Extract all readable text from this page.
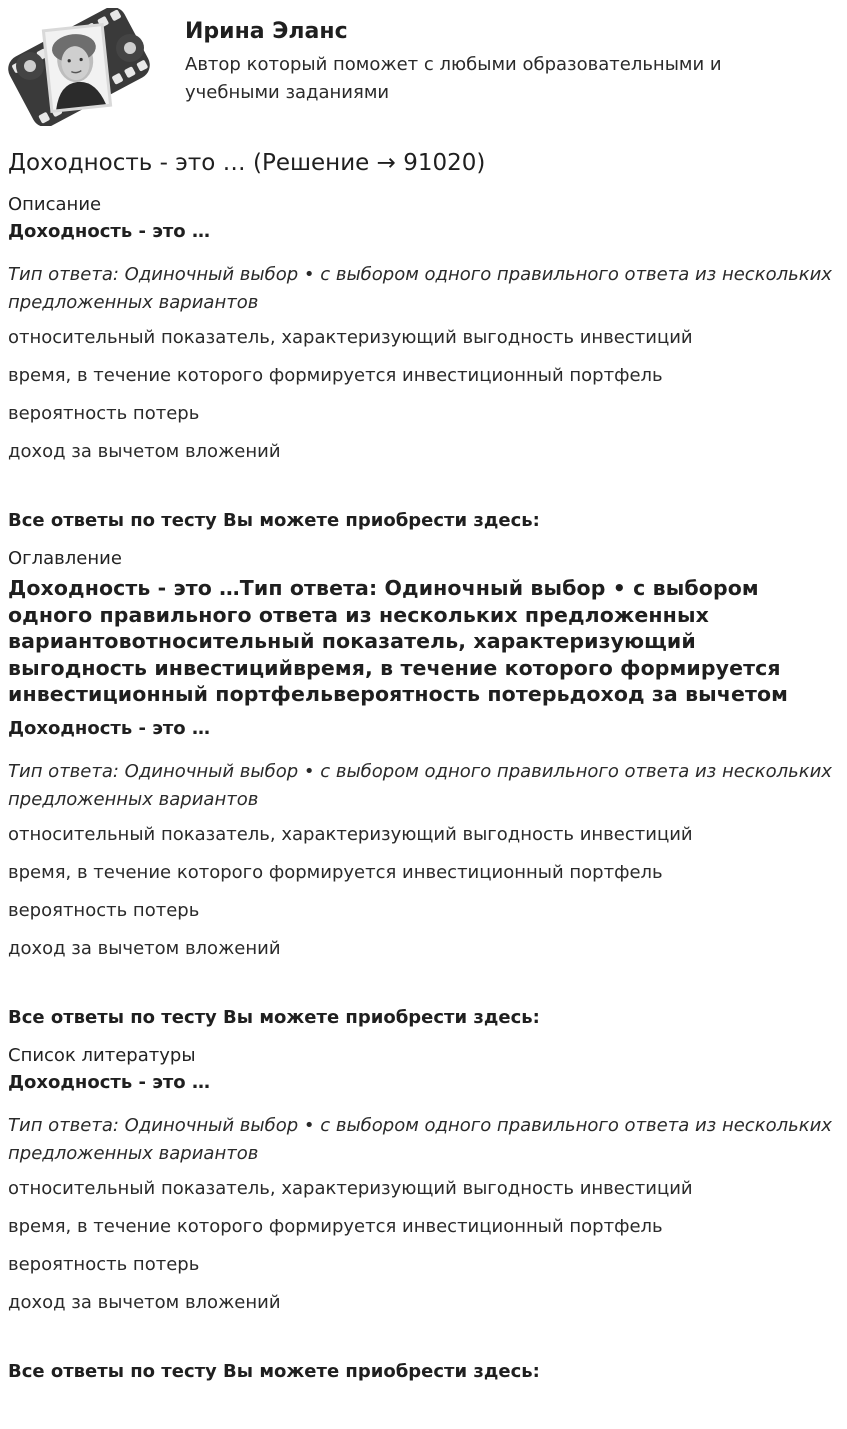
Ирина Эланс
Автор который поможет с любыми образовательными и учебными заданиями
Доходность - это … (Решение → 91020)
Описание
Доходность - это …
Тип ответа: Одиночный выбор • с выбором одного правильного ответа из нескольких предложенных вариантов
относительный показатель, характеризующий выгодность инвестиций
время, в течение которого формируется инвестиционный портфель
вероятность потерь
доход за вычетом вложений
Все ответы по тесту Вы можете приобрести здесь:
Оглавление
Доходность - это …Тип ответа: Одиночный выбор • с выбором одного правильного ответа из нескольких предложенных вариантовотносительный показатель, характеризующий выгодность инвестицийвремя, в течение которого формируется инвестиционный портфельвероятность потерьдоход за вычетом
Доходность - это …
Тип ответа: Одиночный выбор • с выбором одного правильного ответа из нескольких предложенных вариантов
относительный показатель, характеризующий выгодность инвестиций
время, в течение которого формируется инвестиционный портфель
вероятность потерь
доход за вычетом вложений
Все ответы по тесту Вы можете приобрести здесь:
Список литературы
Доходность - это …
Тип ответа: Одиночный выбор • с выбором одного правильного ответа из нескольких предложенных вариантов
относительный показатель, характеризующий выгодность инвестиций
время, в течение которого формируется инвестиционный портфель
вероятность потерь
доход за вычетом вложений
Все ответы по тесту Вы можете приобрести здесь:
